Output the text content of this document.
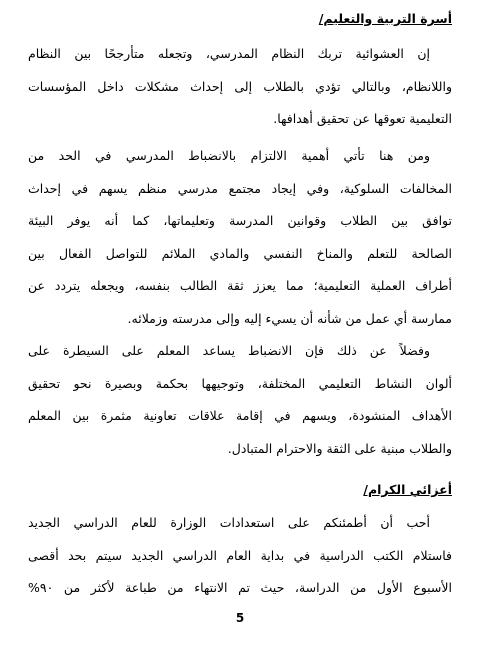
أسرة التربية والتعليم/
إن العشوائية تربك النظام المدرسي، وتجعله متأرجحًا بين النظام
واللانظام، وبالتالي تؤدي بالطلاب إلى إحداث مشكلات داخل المؤسسات
التعليمية تعوقها عن تحقيق أهدافها.
ومن هنا تأتي أهمية الالتزام بالانضباط المدرسي في الحد من
المخالفات السلوكية، وفي إيجاد مجتمع مدرسي منظم يسهم في إحداث
توافق بين الطلاب وقوانين المدرسة وتعليماتها، كما أنه يوفر البيئة
الصالحة للتعلم والمناخ النفسي والمادي الملائم للتواصل الفعال بين
أطراف العملية التعليمية؛ مما يعزز ثقة الطالب بنفسه، ويجعله يتردد عن
ممارسة أي عمل من شأنه أن يسيء إليه وإلى مدرسته وزملائه.
وفضلاً عن ذلك فإن الانضباط يساعد المعلم على السيطرة على
ألوان النشاط التعليمي المختلفة، وتوجيهها بحكمة وبصيرة نحو تحقيق
الأهداف المنشودة، ويسهم في إقامة علاقات تعاونية مثمرة بين المعلم
والطلاب مبنية على الثقة والاحترام المتبادل.
أعزائي الكرام/
أحب أن أطمئنكم على استعدادات الوزارة للعام الدراسي الجديد
فاستلام الكتب الدراسية في بداية العام الدراسي الجديد سيتم بحد أقصى
الأسبوع الأول من الدراسة، حيث تم الانتهاء من طباعة لأكثر من ٩٠%
5
